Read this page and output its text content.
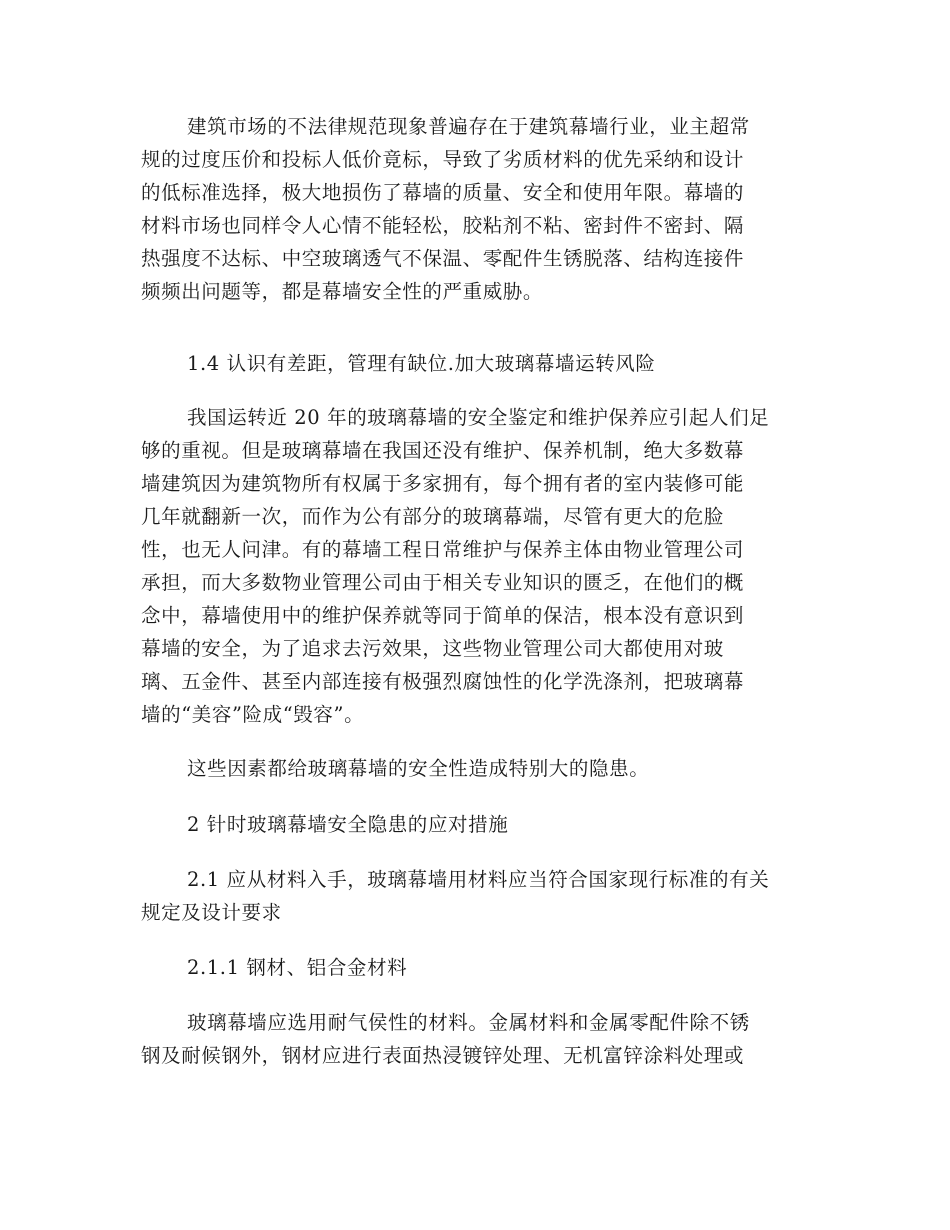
建筑市场的不法律规范现象普遍存在于建筑幕墙行业，业主超常
规的过度压价和投标人低价竟标，导致了劣质材料的优先采纳和设计
的低标准选择，极大地损伤了幕墙的质量、安全和使用年限。幕墙的
材料市场也同样令人心情不能轻松，胶粘剂不粘、密封件不密封、隔
热强度不达标、中空玻璃透气不保温、零配件生锈脱落、结构连接件
频频出问题等，都是幕墙安全性的严重威胁。
1.4 认识有差距，管理有缺位.加大玻璃幕墙运转风险
我国运转近 20 年的玻璃幕墙的安全鉴定和维护保养应引起人们足
够的重视。但是玻璃幕墙在我国还没有维护、保养机制，绝大多数幕
墙建筑因为建筑物所有权属于多家拥有，每个拥有者的室内装修可能
几年就翻新一次，而作为公有部分的玻璃幕端，尽管有更大的危脸
性，也无人问津。有的幕墙工程日常维护与保养主体由物业管理公司
承担，而大多数物业管理公司由于相关专业知识的匮乏，在他们的概
念中，幕墙使用中的维护保养就等同于简单的保洁，根本没有意识到
幕墙的安全，为了追求去污效果，这些物业管理公司大都使用对玻
璃、五金件、甚至内部连接有极强烈腐蚀性的化学洗涤剂，把玻璃幕
墙的“美容”险成“毁容”。
这些因素都给玻璃幕墙的安全性造成特别大的隐患。
2 针时玻璃幕墙安全隐患的应对措施
2.1 应从材料入手，玻璃幕墙用材料应当符合国家现行标准的有关
规定及设计要求
2.1.1 钢材、铝合金材料
玻璃幕墙应选用耐气侯性的材料。金属材料和金属零配件除不锈
钢及耐候钢外，钢材应进行表面热浸镀锌处理、无机富锌涂料处理或
